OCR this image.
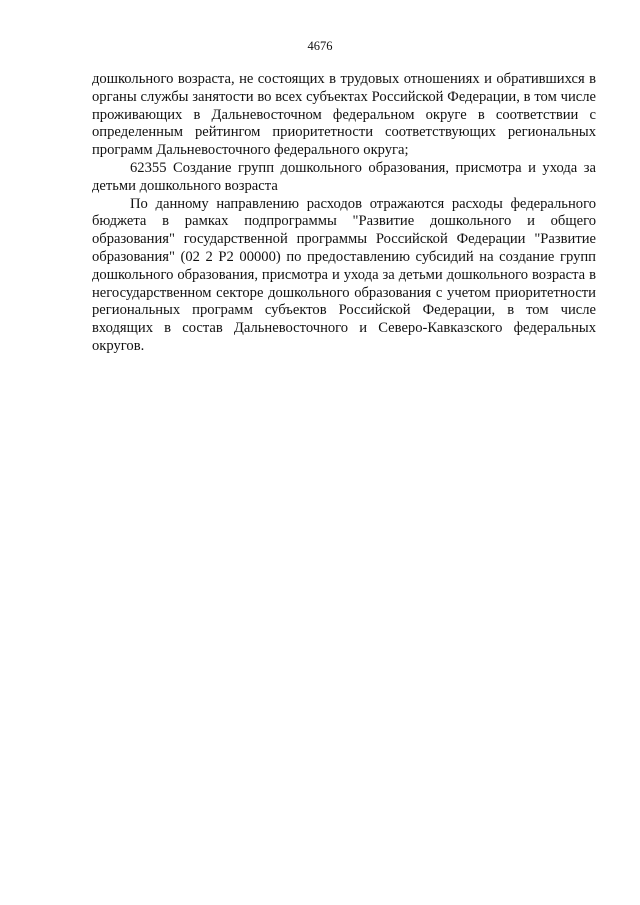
4676

дошкольного возраста, не состоящих в трудовых отношениях и обратившихся в органы службы занятости во всех субъектах Российской Федерации, в том числе проживающих в Дальневосточном федеральном округе в соответствии с определенным рейтингом приоритетности соответствующих региональных программ Дальневосточного федерального округа;

62355 Создание групп дошкольного образования, присмотра и ухода за детьми дошкольного возраста

По данному направлению расходов отражаются расходы федерального бюджета в рамках подпрограммы "Развитие дошкольного и общего образования" государственной программы Российской Федерации "Развитие образования" (02 2 Р2 00000) по предоставлению субсидий на создание групп дошкольного образования, присмотра и ухода за детьми дошкольного возраста в негосударственном секторе дошкольного образования с учетом приоритетности региональных программ субъектов Российской Федерации, в том числе входящих в состав Дальневосточного и Северо-Кавказского федеральных округов.
